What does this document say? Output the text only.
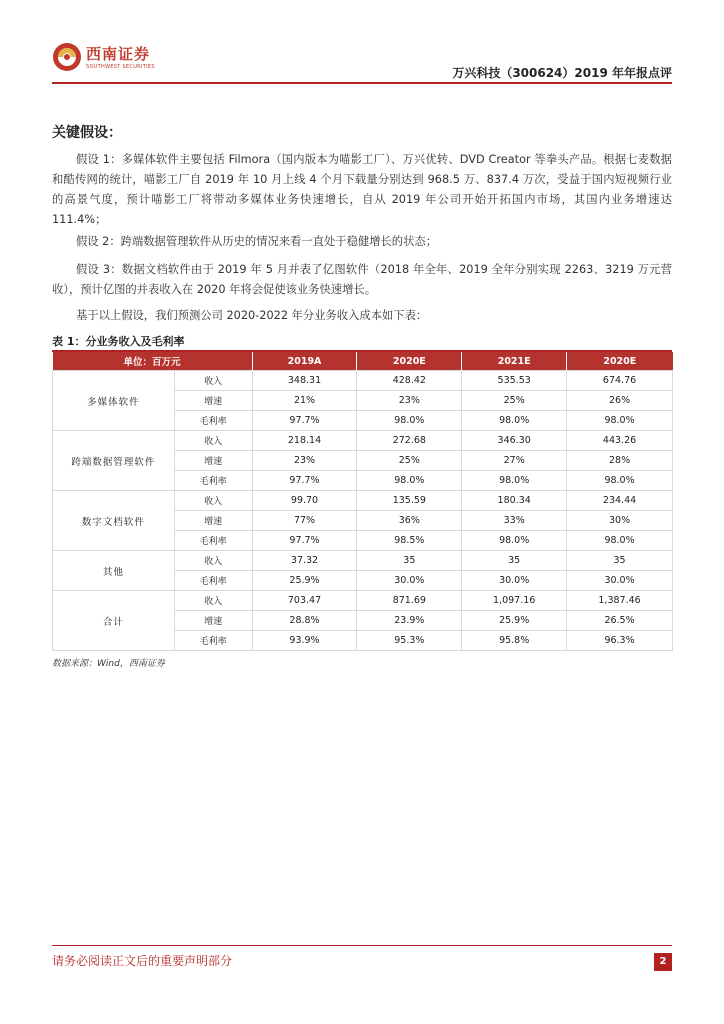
西南证券
SOUTHWEST SECURITIES	万兴科技（300624）2019 年年报点评
关键假设：
假设 1：多媒体软件主要包括 Filmora（国内版本为喵影工厂）、万兴优转、DVD Creator 等拳头产品。根据七麦数据和酷传网的统计，喵影工厂自 2019 年 10 月上线 4 个月下载量分别达到 968.5 万、837.4 万次，受益于国内短视频行业的高景气度，预计喵影工厂将带动多媒体业务快速增长，自从 2019 年公司开始开拓国内市场，其国内业务增速达 111.4%；
假设 2：跨端数据管理软件从历史的情况来看一直处于稳健增长的状态；
假设 3：数据文档软件由于 2019 年 5 月并表了亿图软件（2018 年全年、2019 全年分别实现 2263、3219 万元营收），预计亿图的并表收入在 2020 年将会促使该业务快速增长。
基于以上假设，我们预测公司 2020-2022 年分业务收入成本如下表：
表 1：分业务收入及毛利率
单位：百万元		2019A	2020E	2021E	2020E
多媒体软件	收入	348.31	428.42	535.53	674.76
	增速	21%	23%	25%	26%
	毛利率	97.7%	98.0%	98.0%	98.0%
跨端数据管理软件	收入	218.14	272.68	346.30	443.26
	增速	23%	25%	27%	28%
	毛利率	97.7%	98.0%	98.0%	98.0%
数字文档软件	收入	99.70	135.59	180.34	234.44
	增速	77%	36%	33%	30%
	毛利率	97.7%	98.5%	98.0%	98.0%
其他	收入	37.32	35	35	35
	毛利率	25.9%	30.0%	30.0%	30.0%
合计	收入	703.47	871.69	1,097.16	1,387.46
	增速	28.8%	23.9%	25.9%	26.5%
	毛利率	93.9%	95.3%	95.8%	96.3%
数据来源：Wind，西南证券
请务必阅读正文后的重要声明部分	2
